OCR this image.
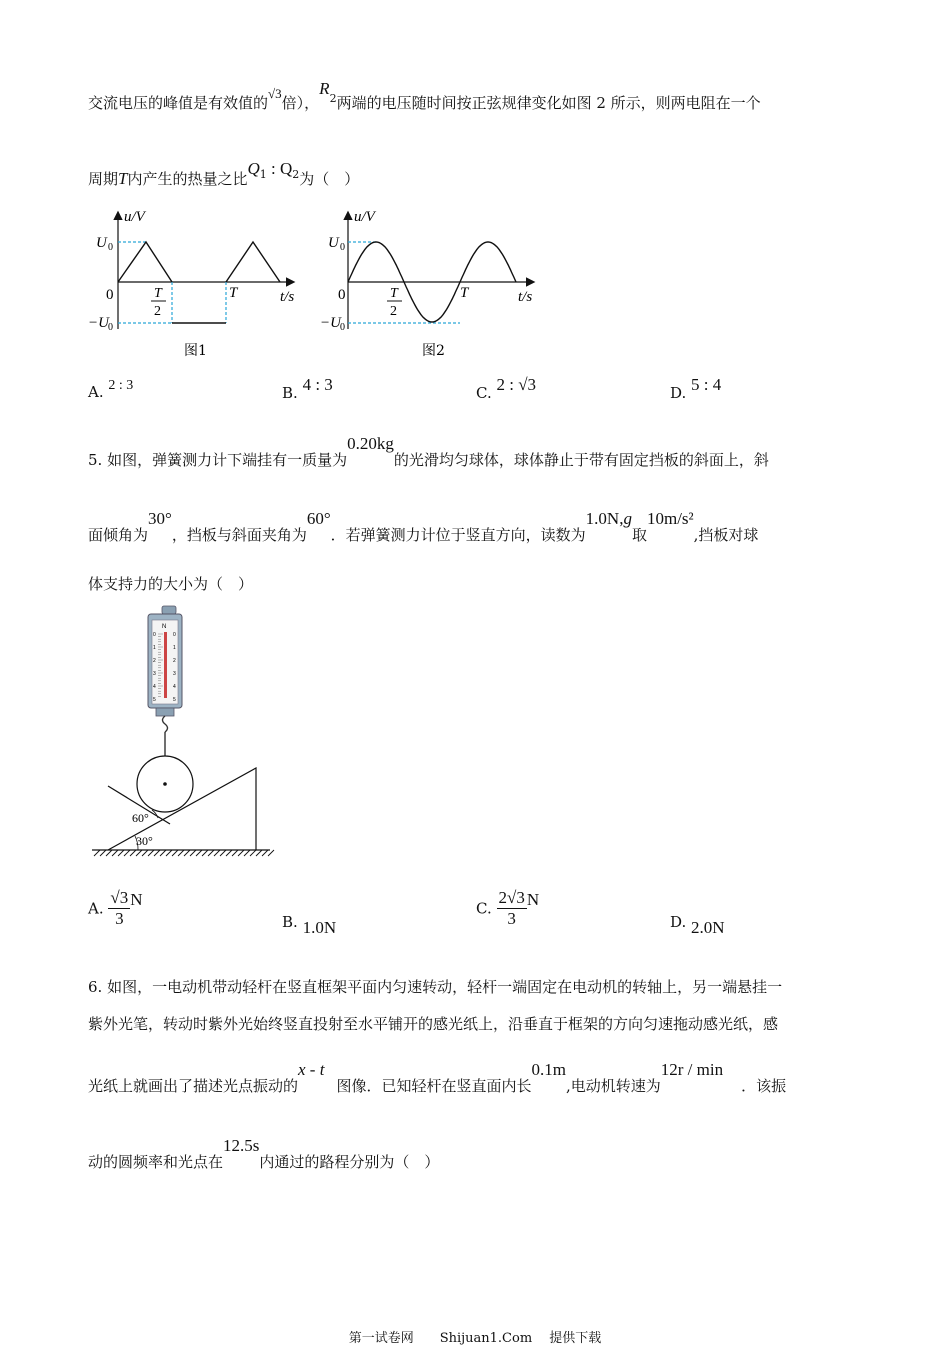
交流电压的峰值是有效值的√3倍），$R^2$两端的电压随时间按正弦规律变化如图 2 所示，则两电阻在一个
周期T内产生的热量之比$Q^1$ : $Q^2$为（　）
u/V
U 0
−U 0
0	T
2
T	t/s
图1
u/V
U 0
−U 0
0	T
2
T	t/s
图2
A. 2 : 3	B. 4 : 3	C. 2 : √3	D. 5 : 4
5. 如图，弹簧测力计下端挂有一质量为0.20kg的光滑均匀球体，球体静止于带有固定挡板的斜面上，斜
面倾角为30°，挡板与斜面夹角为60°．若弹簧测力计位于竖直方向，读数为1.0N,g取10m/s²,挡板对球
体支持力的大小为（　）
N
0	0
1	1
2	2
3	3
4	4
5	5
60°
30°
A. $\frac{√3}{3}$ N
B. 1.0N
C. $\frac{2√3}{3}$ N
D. 2.0N
6. 如图，一电动机带动轻杆在竖直框架平面内匀速转动，轻杆一端固定在电动机的转轴上，另一端悬挂一
紫外光笔，转动时紫外光始终竖直投射至水平铺开的感光纸上，沿垂直于框架的方向匀速拖动感光纸，感
光纸上就画出了描述光点振动的x - t图像．已知轻杆在竖直面内长0.1m,电动机转速为12r / min．该振
动的圆频率和光点在12.5s内通过的路程分别为（　）
第一试卷网　　Shijuan1.Com　 提供下载
